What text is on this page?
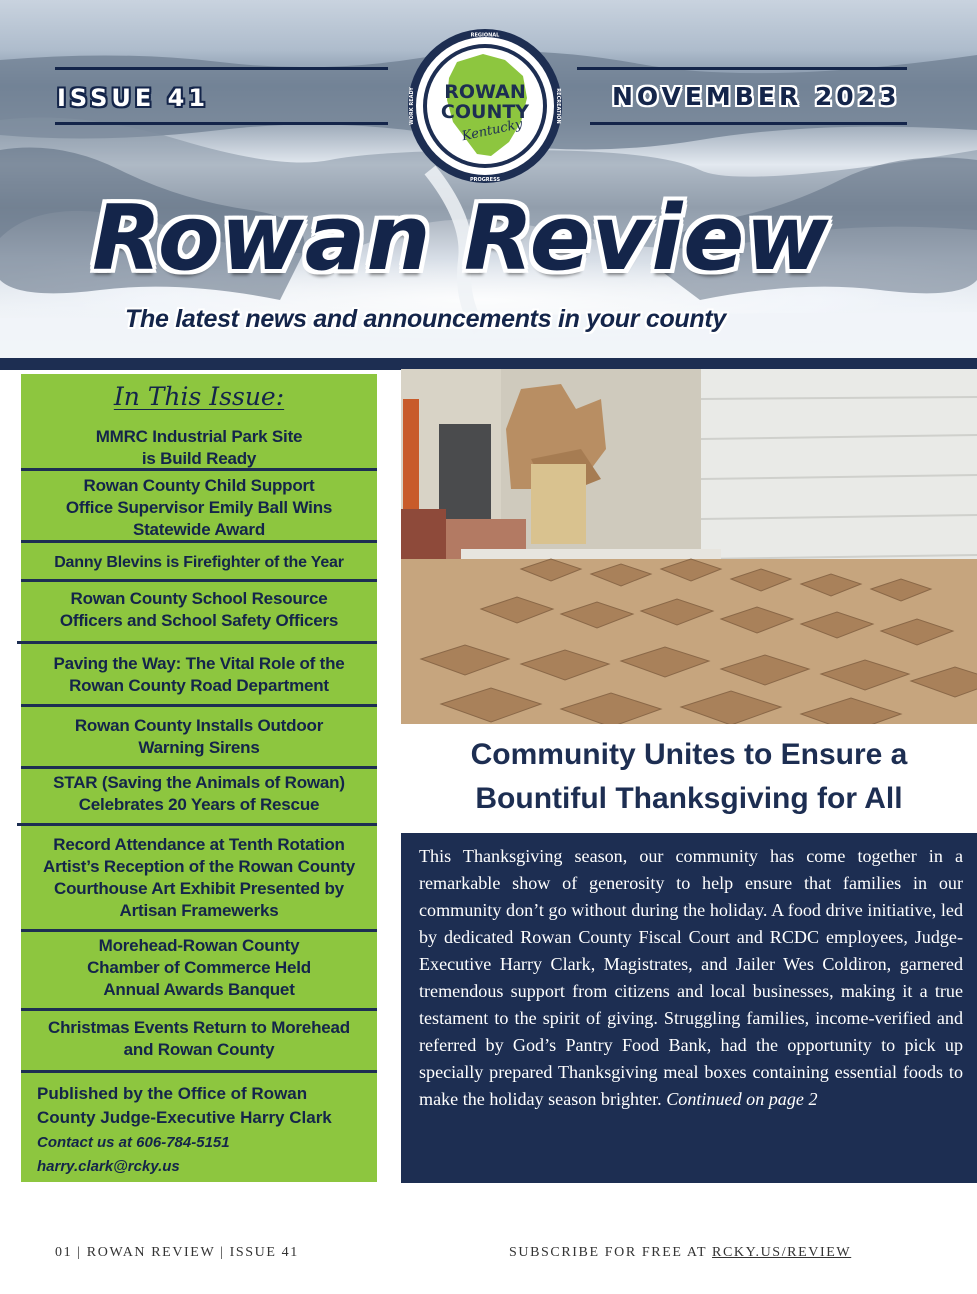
ISSUE 41	NOVEMBER 2023
REGIONAL
PROGRESS
WORK READY	RECREATION
ROWAN
COUNTY
Kentucky
Rowan Review
The latest news and announcements in your county
In This Issue:
MMRC Industrial Park Site
is Build Ready
Rowan County Child Support
Office Supervisor Emily Ball Wins
Statewide Award
Danny Blevins is Firefighter of the Year
Rowan County School Resource
Officers and School Safety Officers
Paving the Way: The Vital Role of the
Rowan County Road Department
Rowan County Installs Outdoor
Warning Sirens
STAR (Saving the Animals of Rowan)
Celebrates 20 Years of Rescue
Record Attendance at Tenth Rotation
Artist’s Reception of the Rowan County
Courthouse Art Exhibit Presented by
Artisan Framewerks
Morehead-Rowan County
Chamber of Commerce Held
Annual Awards Banquet
Christmas Events Return to Morehead
and Rowan County
Published by the Office of Rowan
County Judge-Executive Harry Clark
Contact us at 606-784-5151
harry.clark@rcky.us
Community Unites to Ensure a
Bountiful Thanksgiving for All
This Thanksgiving season, our community has come together in a remarkable show of generosity to help ensure that families in our community don’t go without during the holiday. A food drive initiative, led by dedicated Rowan County Fiscal Court and RCDC employees, Judge-Executive Harry Clark, Magistrates, and Jailer Wes Coldiron, garnered tremendous support from citizens and local businesses, making it a true testament to the spirit of giving. Struggling families, income-verified and referred by God’s Pantry Food Bank, had the opportunity to pick up specially prepared Thanksgiving meal boxes containing essential foods to make the holiday season brighter. Continued on page 2
01 | ROWAN REVIEW | ISSUE 41	SUBSCRIBE FOR FREE AT RCKY.US/REVIEW
